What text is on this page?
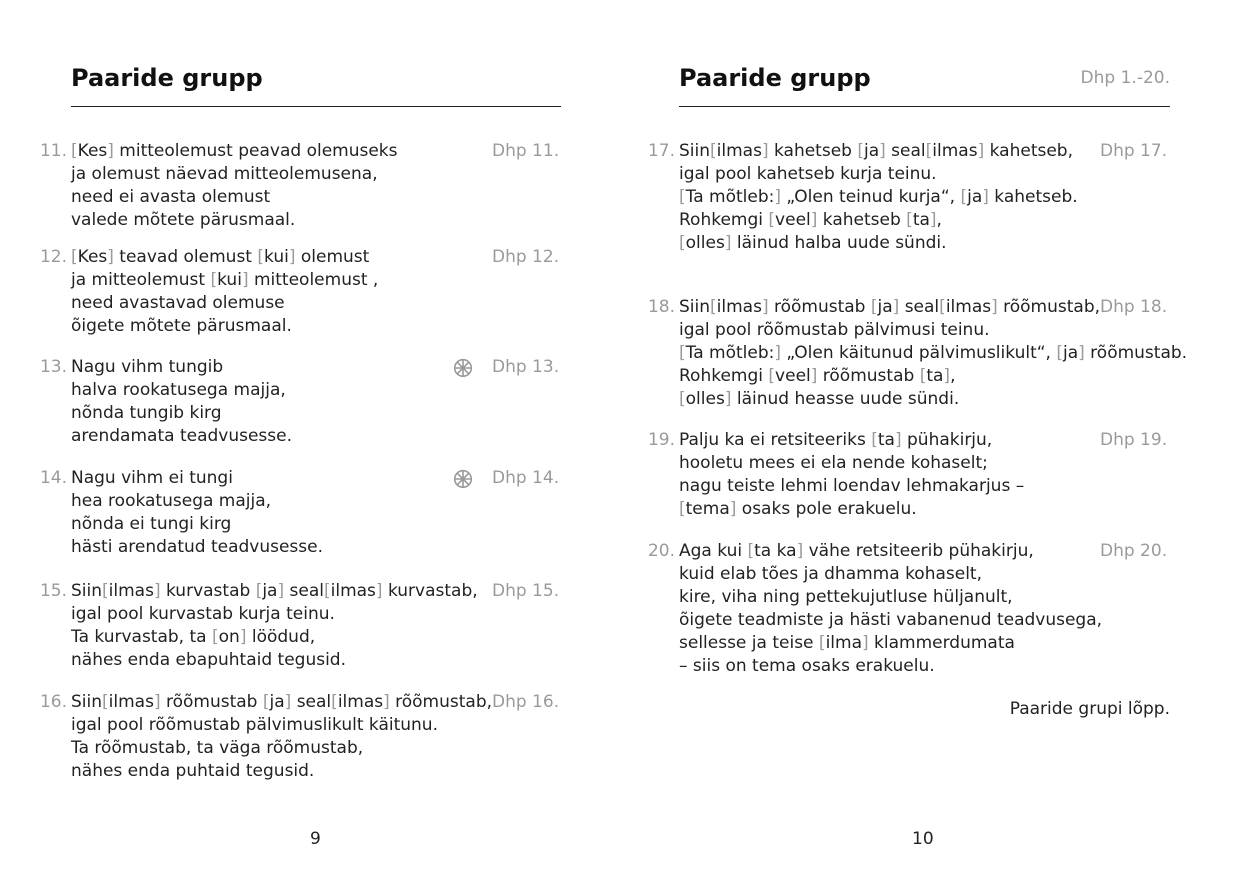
Paaride grupp
11. [Kes] mitteolemust peavad olemuseks
ja olemust näevad mitteolemusena,
need ei avasta olemust
valede mõtete pärusmaal.
Dhp 11.
12. [Kes] teavad olemust [kui] olemust
ja mitteolemust [kui] mitteolemust ,
need avastavad olemuse
õigete mõtete pärusmaal.
Dhp 12.
13. Nagu vihm tungib
halva rookatusega majja,
nõnda tungib kirg
arendamata teadvusesse.
Dhp 13.
14. Nagu vihm ei tungi
hea rookatusega majja,
nõnda ei tungi kirg
hästi arendatud teadvusesse.
Dhp 14.
15. Siin[ilmas] kurvastab [ja] seal[ilmas] kurvastab,
igal pool kurvastab kurja teinu.
Ta kurvastab, ta [on] löödud,
nähes enda ebapuhtaid tegusid.
Dhp 15.
16. Siin[ilmas] rõõmustab [ja] seal[ilmas] rõõmustab,
igal pool rõõmustab pälvimuslikult käitunu.
Ta rõõmustab, ta väga rõõmustab,
nähes enda puhtaid tegusid.
Dhp 16.
9
Paaride grupp	Dhp 1.-20.
17. Siin[ilmas] kahetseb [ja] seal[ilmas] kahetseb,
igal pool kahetseb kurja teinu.
[Ta mõtleb:] „Olen teinud kurja“, [ja] kahetseb.
Rohkemgi [veel] kahetseb [ta],
[olles] läinud halba uude sündi.
Dhp 17.
18. Siin[ilmas] rõõmustab [ja] seal[ilmas] rõõmustab,
igal pool rõõmustab pälvimusi teinu.
[Ta mõtleb:] „Olen käitunud pälvimuslikult“, [ja] rõõmustab.
Rohkemgi [veel] rõõmustab [ta],
[olles] läinud heasse uude sündi.
Dhp 18.
19. Palju ka ei retsiteeriks [ta] pühakirju,
hooletu mees ei ela nende kohaselt;
nagu teiste lehmi loendav lehmakarjus –
[tema] osaks pole erakuelu.
Dhp 19.
20. Aga kui [ta ka] vähe retsiteerib pühakirju,
kuid elab tões ja dhamma kohaselt,
kire, viha ning pettekujutluse hüljanult,
õigete teadmiste ja hästi vabanenud teadvusega,
sellesse ja teise [ilma] klammerdumata
– siis on tema osaks erakuelu.
Dhp 20.
Paaride grupi lõpp.
10
